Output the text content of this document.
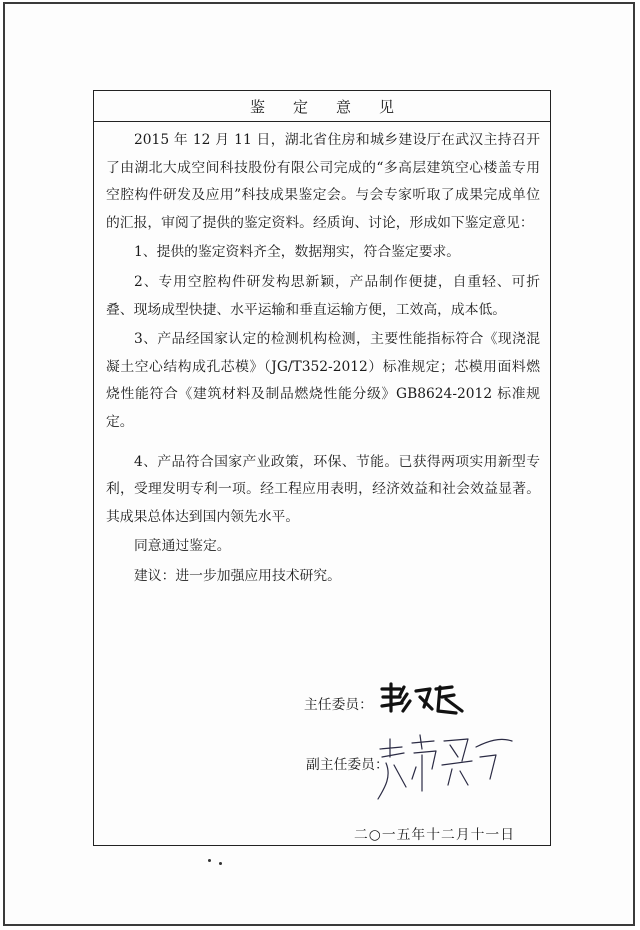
鉴定意见

2015 年 12 月 11 日，湖北省住房和城乡建设厅在武汉主持召开了由湖北大成空间科技股份有限公司完成的“多高层建筑空心楼盖专用空腔构件研发及应用”科技成果鉴定会。与会专家听取了成果完成单位的汇报，审阅了提供的鉴定资料。经质询、讨论，形成如下鉴定意见：

1、提供的鉴定资料齐全，数据翔实，符合鉴定要求。

2、专用空腔构件研发构思新颖，产品制作便捷，自重轻、可折叠、现场成型快捷、水平运输和垂直运输方便，工效高，成本低。

3、产品经国家认定的检测机构检测，主要性能指标符合《现浇混凝土空心结构成孔芯模》（JG/T352-2012）标准规定；芯模用面料燃烧性能符合《建筑材料及制品燃烧性能分级》GB8624-2012 标准规定。

4、产品符合国家产业政策，环保、节能。已获得两项实用新型专利，受理发明专利一项。经工程应用表明，经济效益和社会效益显著。其成果总体达到国内领先水平。

同意通过鉴定。

建议：进一步加强应用技术研究。

主任委员：
副主任委员：
二○一五年十二月十一日
